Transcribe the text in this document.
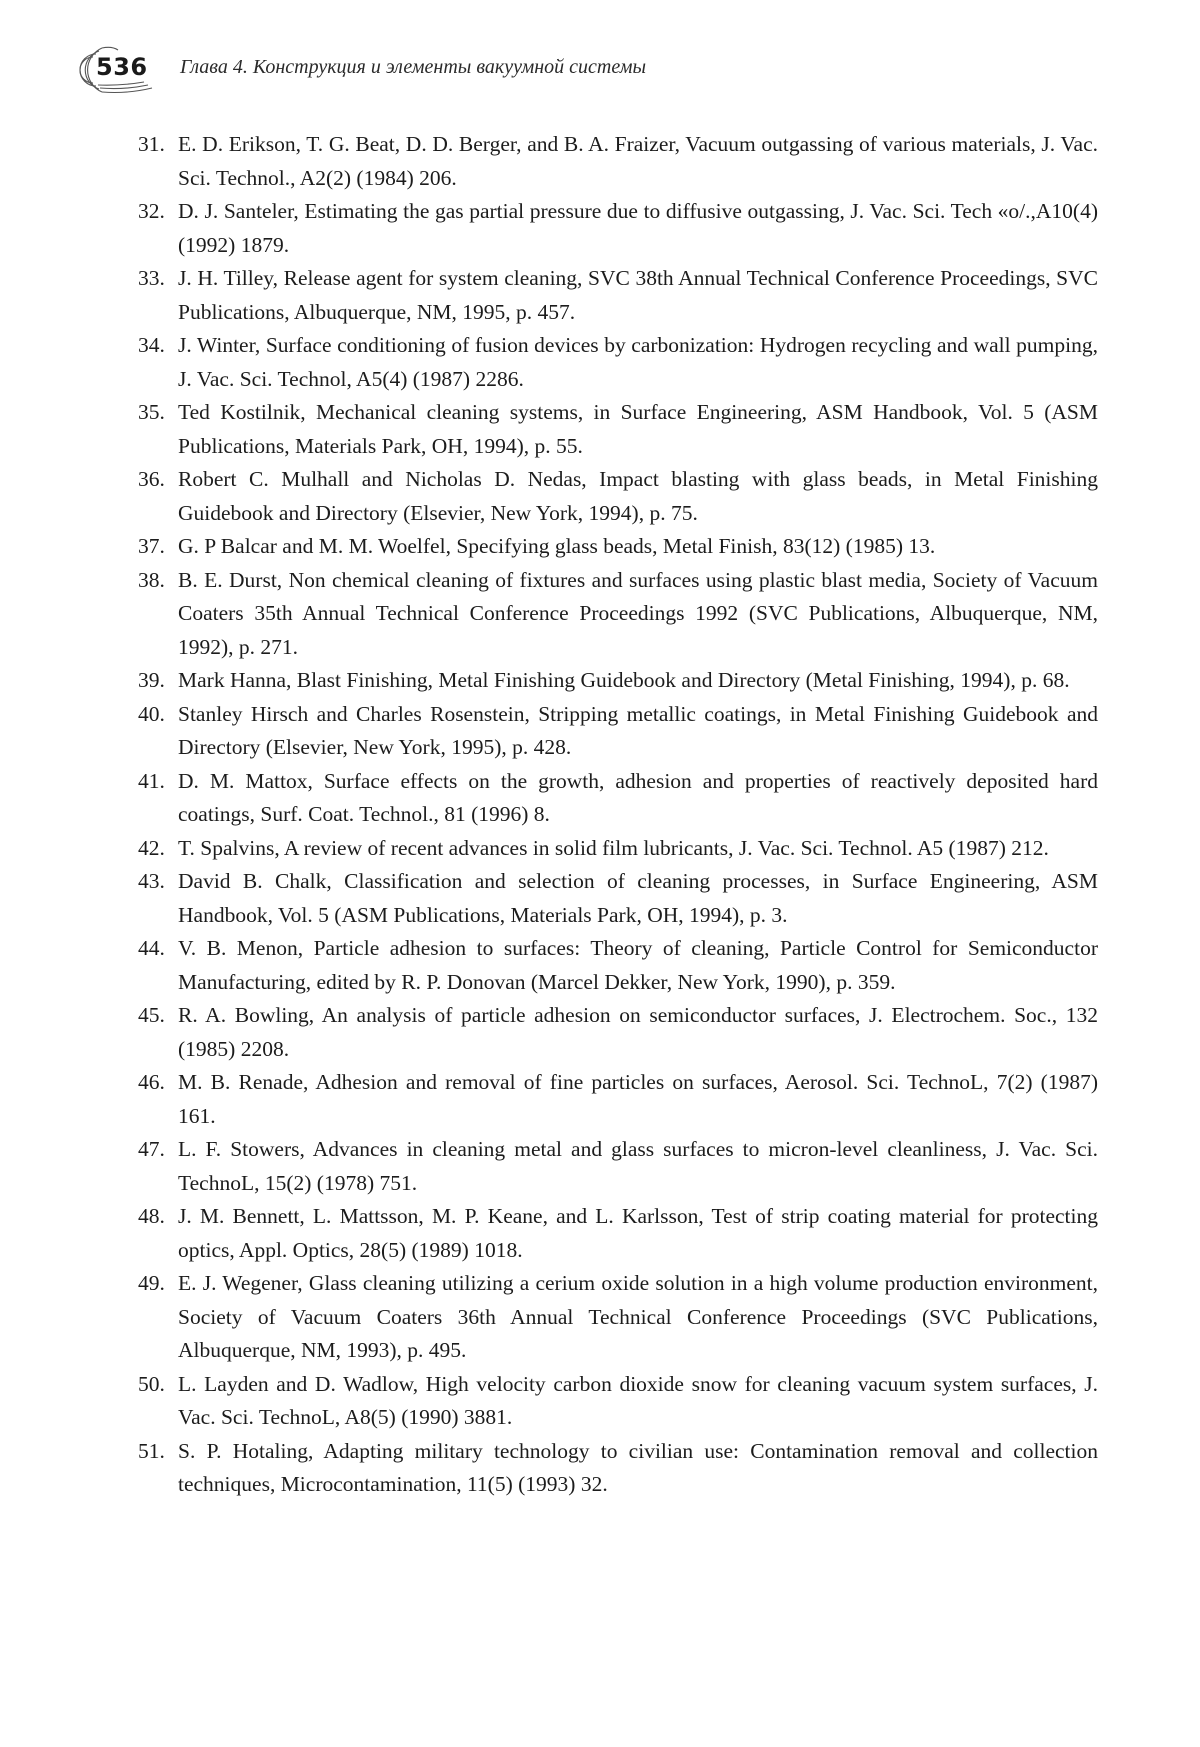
536 Глава 4. Конструкция и элементы вакуумной системы
31. E. D. Erikson, T. G. Beat, D. D. Berger, and B. A. Fraizer, Vacuum outgassing of various materials, J. Vac. Sci. Technol., A2(2) (1984) 206.
32. D. J. Santeler, Estimating the gas partial pressure due to diffusive outgassing, J. Vac. Sci. Tech «o/.,A10(4)(1992) 1879.
33. J. H. Tilley, Release agent for system cleaning, SVC 38th Annual Technical Conference Proceedings, SVC Publications, Albuquerque, NM, 1995, p. 457.
34. J. Winter, Surface conditioning of fusion devices by carbonization: Hydrogen recycling and wall pumping, J. Vac. Sci. Technol, A5(4) (1987) 2286.
35. Ted Kostilnik, Mechanical cleaning systems, in Surface Engineering, ASM Handbook, Vol. 5 (ASM Publications, Materials Park, OH, 1994), p. 55.
36. Robert C. Mulhall and Nicholas D. Nedas, Impact blasting with glass beads, in Metal Finishing Guidebook and Directory (Elsevier, New York, 1994), p. 75.
37. G. P Balcar and M. M. Woelfel, Specifying glass beads, Metal Finish, 83(12) (1985) 13.
38. B. E. Durst, Non chemical cleaning of fixtures and surfaces using plastic blast media, Society of Vacuum Coaters 35th Annual Technical Conference Proceedings 1992 (SVC Publications, Albuquerque, NM, 1992), p. 271.
39. Mark Hanna, Blast Finishing, Metal Finishing Guidebook and Directory (Metal Finishing, 1994), p. 68.
40. Stanley Hirsch and Charles Rosenstein, Stripping metallic coatings, in Metal Finishing Guidebook and Directory (Elsevier, New York, 1995), p. 428.
41. D. M. Mattox, Surface effects on the growth, adhesion and properties of reactively deposited hard coatings, Surf. Coat. Technol., 81 (1996) 8.
42. T. Spalvins, A review of recent advances in solid film lubricants, J. Vac. Sci. Technol. A5 (1987) 212.
43. David B. Chalk, Classification and selection of cleaning processes, in Surface Engineering, ASM Handbook, Vol. 5 (ASM Publications, Materials Park, OH, 1994), p. 3.
44. V. B. Menon, Particle adhesion to surfaces: Theory of cleaning, Particle Control for Semiconductor Manufacturing, edited by R. P. Donovan (Marcel Dekker, New York, 1990), p. 359.
45. R. A. Bowling, An analysis of particle adhesion on semiconductor surfaces, J. Electrochem. Soc., 132 (1985) 2208.
46. M. B. Renade, Adhesion and removal of fine particles on surfaces, Aerosol. Sci. TechnoL, 7(2) (1987) 161.
47. L. F. Stowers, Advances in cleaning metal and glass surfaces to micron-level cleanliness, J. Vac. Sci. TechnoL, 15(2) (1978) 751.
48. J. M. Bennett, L. Mattsson, M. P. Keane, and L. Karlsson, Test of strip coating material for protecting optics, Appl. Optics, 28(5) (1989) 1018.
49. E. J. Wegener, Glass cleaning utilizing a cerium oxide solution in a high volume production environment, Society of Vacuum Coaters 36th Annual Technical Conference Proceedings (SVC Publications, Albuquerque, NM, 1993), p. 495.
50. L. Layden and D. Wadlow, High velocity carbon dioxide snow for cleaning vacuum system surfaces, J. Vac. Sci. TechnoL, A8(5) (1990) 3881.
51. S. P. Hotaling, Adapting military technology to civilian use: Contamination removal and collection techniques, Microcontamination, 11(5) (1993) 32.
